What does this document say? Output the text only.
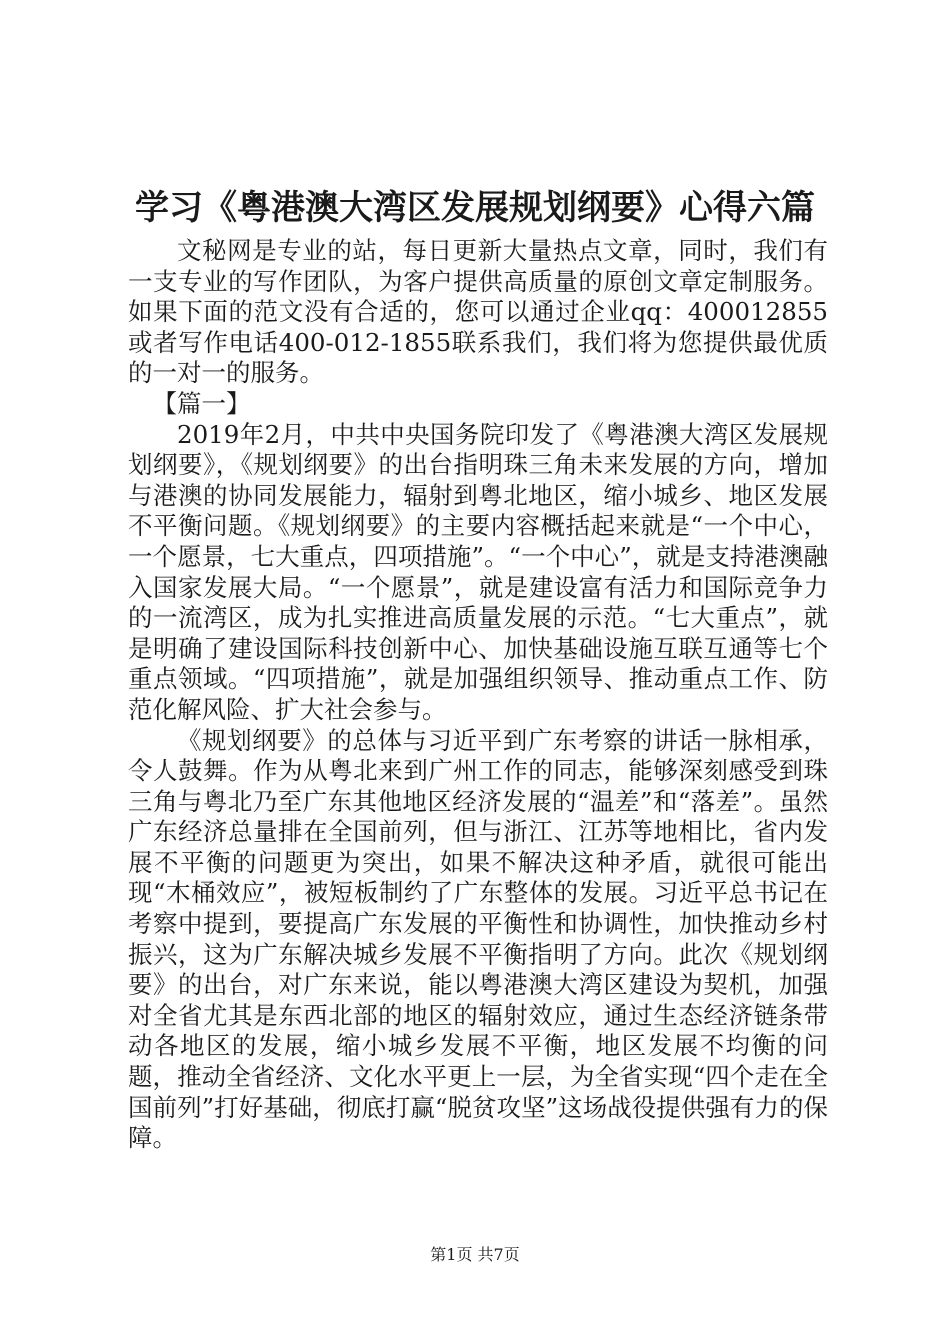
学习《粤港澳大湾区发展规划纲要》心得六篇

文秘网是专业的站，每日更新大量热点文章，同时，我们有一支专业的写作团队，为客户提供高质量的原创文章定制服务。如果下面的范文没有合适的，您可以通过企业qq：400012855或者写作电话400-012-1855联系我们，我们将为您提供最优质的一对一的服务。

【篇一】

2019年2月，中共中央国务院印发了《粤港澳大湾区发展规划纲要》，《规划纲要》的出台指明珠三角未来发展的方向，增加与港澳的协同发展能力，辐射到粤北地区，缩小城乡、地区发展不平衡问题。《规划纲要》的主要内容概括起来就是“一个中心，一个愿景，七大重点，四项措施”。“一个中心”，就是支持港澳融入国家发展大局。“一个愿景”，就是建设富有活力和国际竞争力的一流湾区，成为扎实推进高质量发展的示范。“七大重点”，就是明确了建设国际科技创新中心、加快基础设施互联互通等七个重点领域。“四项措施”，就是加强组织领导、推动重点工作、防范化解风险、扩大社会参与。

《规划纲要》的总体与习近平到广东考察的讲话一脉相承，令人鼓舞。作为从粤北来到广州工作的同志，能够深刻感受到珠三角与粤北乃至广东其他地区经济发展的“温差”和“落差”。虽然广东经济总量排在全国前列，但与浙江、江苏等地相比，省内发展不平衡的问题更为突出，如果不解决这种矛盾，就很可能出现“木桶效应”，被短板制约了广东整体的发展。习近平总书记在考察中提到，要提高广东发展的平衡性和协调性，加快推动乡村振兴，这为广东解决城乡发展不平衡指明了方向。此次《规划纲要》的出台，对广东来说，能以粤港澳大湾区建设为契机，加强对全省尤其是东西北部的地区的辐射效应，通过生态经济链条带动各地区的发展，缩小城乡发展不平衡，地区发展不均衡的问题，推动全省经济、文化水平更上一层，为全省实现“四个走在全国前列”打好基础，彻底打赢“脱贫攻坚”这场战役提供强有力的保障。

第1页 共7页
